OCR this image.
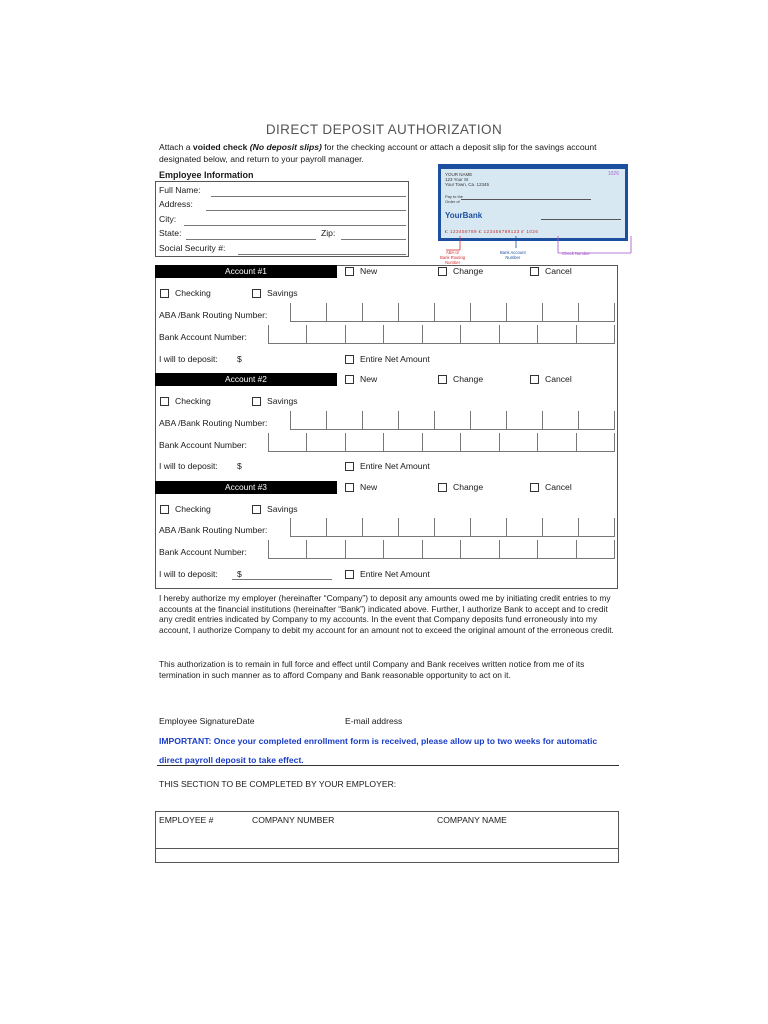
DIRECT DEPOSIT AUTHORIZATION
Attach a voided check (No deposit slips) for the checking account or attach a deposit slip for the savings account designated below, and return to your payroll manager.
Employee Information
Full Name:
Address:
City:
State:	Zip:
Social Security #:
YOUR NAME
123 Your St
Your Town, Ca. 12345
1026
Pay to the
Order of
YourBank
⑆ 123456789 ⑆ 123456789123 ⑈ 1026
ABA or
Bank Routing
Number
Bank Account
Number
Check Number
Account #1	New	Change	Cancel
Checking	Savings
ABA /Bank Routing Number:
Bank Account Number:
I will to deposit: $	Entire Net Amount
Account #2	New	Change	Cancel
Checking	Savings
ABA /Bank Routing Number:
Bank Account Number:
I will to deposit: $	Entire Net Amount
Account #3	New	Change	Cancel
Checking	Savings
ABA /Bank Routing Number:
Bank Account Number:
I will to deposit: $	Entire Net Amount
I hereby authorize my employer (hereinafter “Company”) to deposit any amounts owed me by initiating credit entries to my accounts at the financial institutions (hereinafter “Bank”) indicated above. Further, I authorize Bank to accept and to credit any credit entries indicated by Company to my accounts. In the event that Company deposits fund erroneously into my account, I authorize Company to debit my account for an amount not to exceed the original amount of the erroneous credit.
This authorization is to remain in full force and effect until Company and Bank receives written notice from me of its termination in such manner as to afford Company and Bank reasonable opportunity to act on it.
Employee SignatureDate	E-mail address
IMPORTANT: Once your completed enrollment form is received, please allow up to two weeks for automatic
direct payroll deposit to take effect.
THIS SECTION TO BE COMPLETED BY YOUR EMPLOYER:
EMPLOYEE #	COMPANY NUMBER	COMPANY NAME
